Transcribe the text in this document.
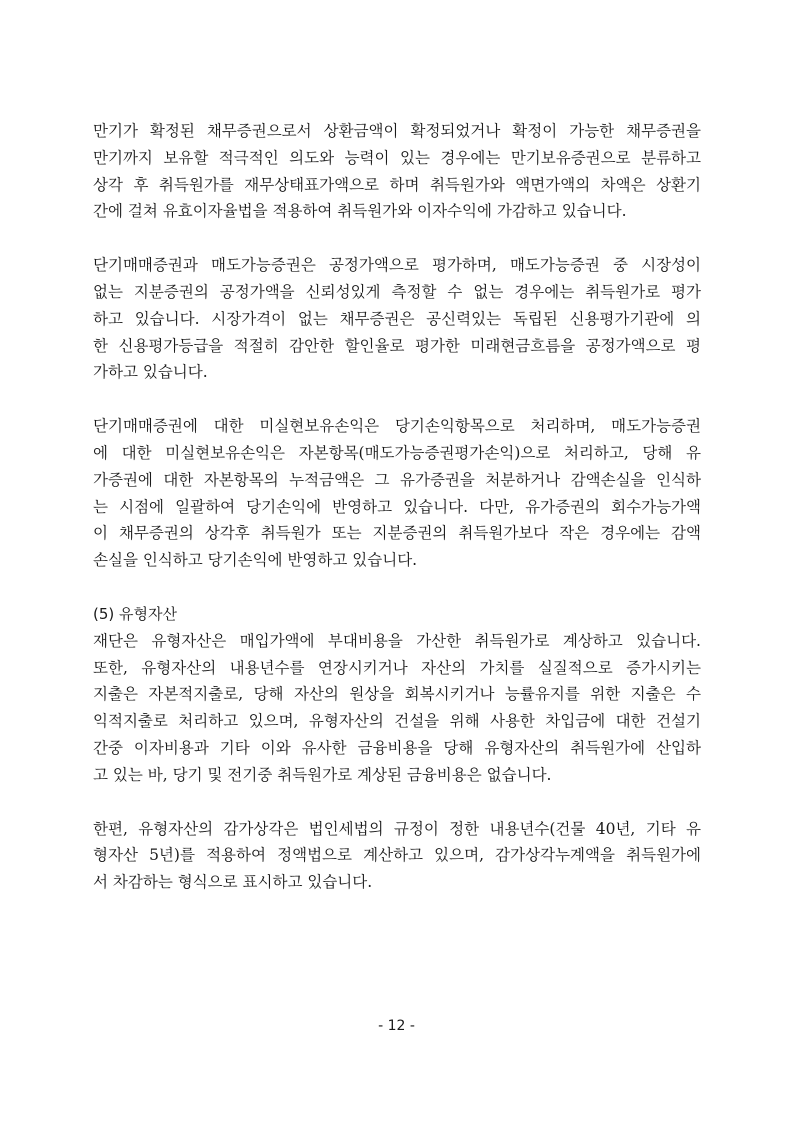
만기가 확정된 채무증권으로서 상환금액이 확정되었거나 확정이 가능한 채무증권을
만기까지 보유할 적극적인 의도와 능력이 있는 경우에는 만기보유증권으로 분류하고
상각 후 취득원가를 재무상태표가액으로 하며 취득원가와 액면가액의 차액은 상환기
간에 걸쳐 유효이자율법을 적용하여 취득원가와 이자수익에 가감하고 있습니다.
단기매매증권과 매도가능증권은 공정가액으로 평가하며, 매도가능증권 중 시장성이
없는 지분증권의 공정가액을 신뢰성있게 측정할 수 없는 경우에는 취득원가로 평가
하고 있습니다. 시장가격이 없는 채무증권은 공신력있는 독립된 신용평가기관에 의
한 신용평가등급을 적절히 감안한 할인율로 평가한 미래현금흐름을 공정가액으로 평
가하고 있습니다.
단기매매증권에 대한 미실현보유손익은 당기손익항목으로 처리하며, 매도가능증권
에 대한 미실현보유손익은 자본항목(매도가능증권평가손익)으로 처리하고, 당해 유
가증권에 대한 자본항목의 누적금액은 그 유가증권을 처분하거나 감액손실을 인식하
는 시점에 일괄하여 당기손익에 반영하고 있습니다. 다만, 유가증권의 회수가능가액
이 채무증권의 상각후 취득원가 또는 지분증권의 취득원가보다 작은 경우에는 감액
손실을 인식하고 당기손익에 반영하고 있습니다.
(5) 유형자산
재단은 유형자산은 매입가액에 부대비용을 가산한 취득원가로 계상하고 있습니다.
또한, 유형자산의 내용년수를 연장시키거나 자산의 가치를 실질적으로 증가시키는
지출은 자본적지출로, 당해 자산의 원상을 회복시키거나 능률유지를 위한 지출은 수
익적지출로 처리하고 있으며, 유형자산의 건설을 위해 사용한 차입금에 대한 건설기
간중 이자비용과 기타 이와 유사한 금융비용을 당해 유형자산의 취득원가에 산입하
고 있는 바, 당기 및 전기중 취득원가로 계상된 금융비용은 없습니다.
한편, 유형자산의 감가상각은 법인세법의 규정이 정한 내용년수(건물 40년, 기타 유
형자산 5년)를 적용하여 정액법으로 계산하고 있으며, 감가상각누계액을 취득원가에
서 차감하는 형식으로 표시하고 있습니다.
- 12 -
